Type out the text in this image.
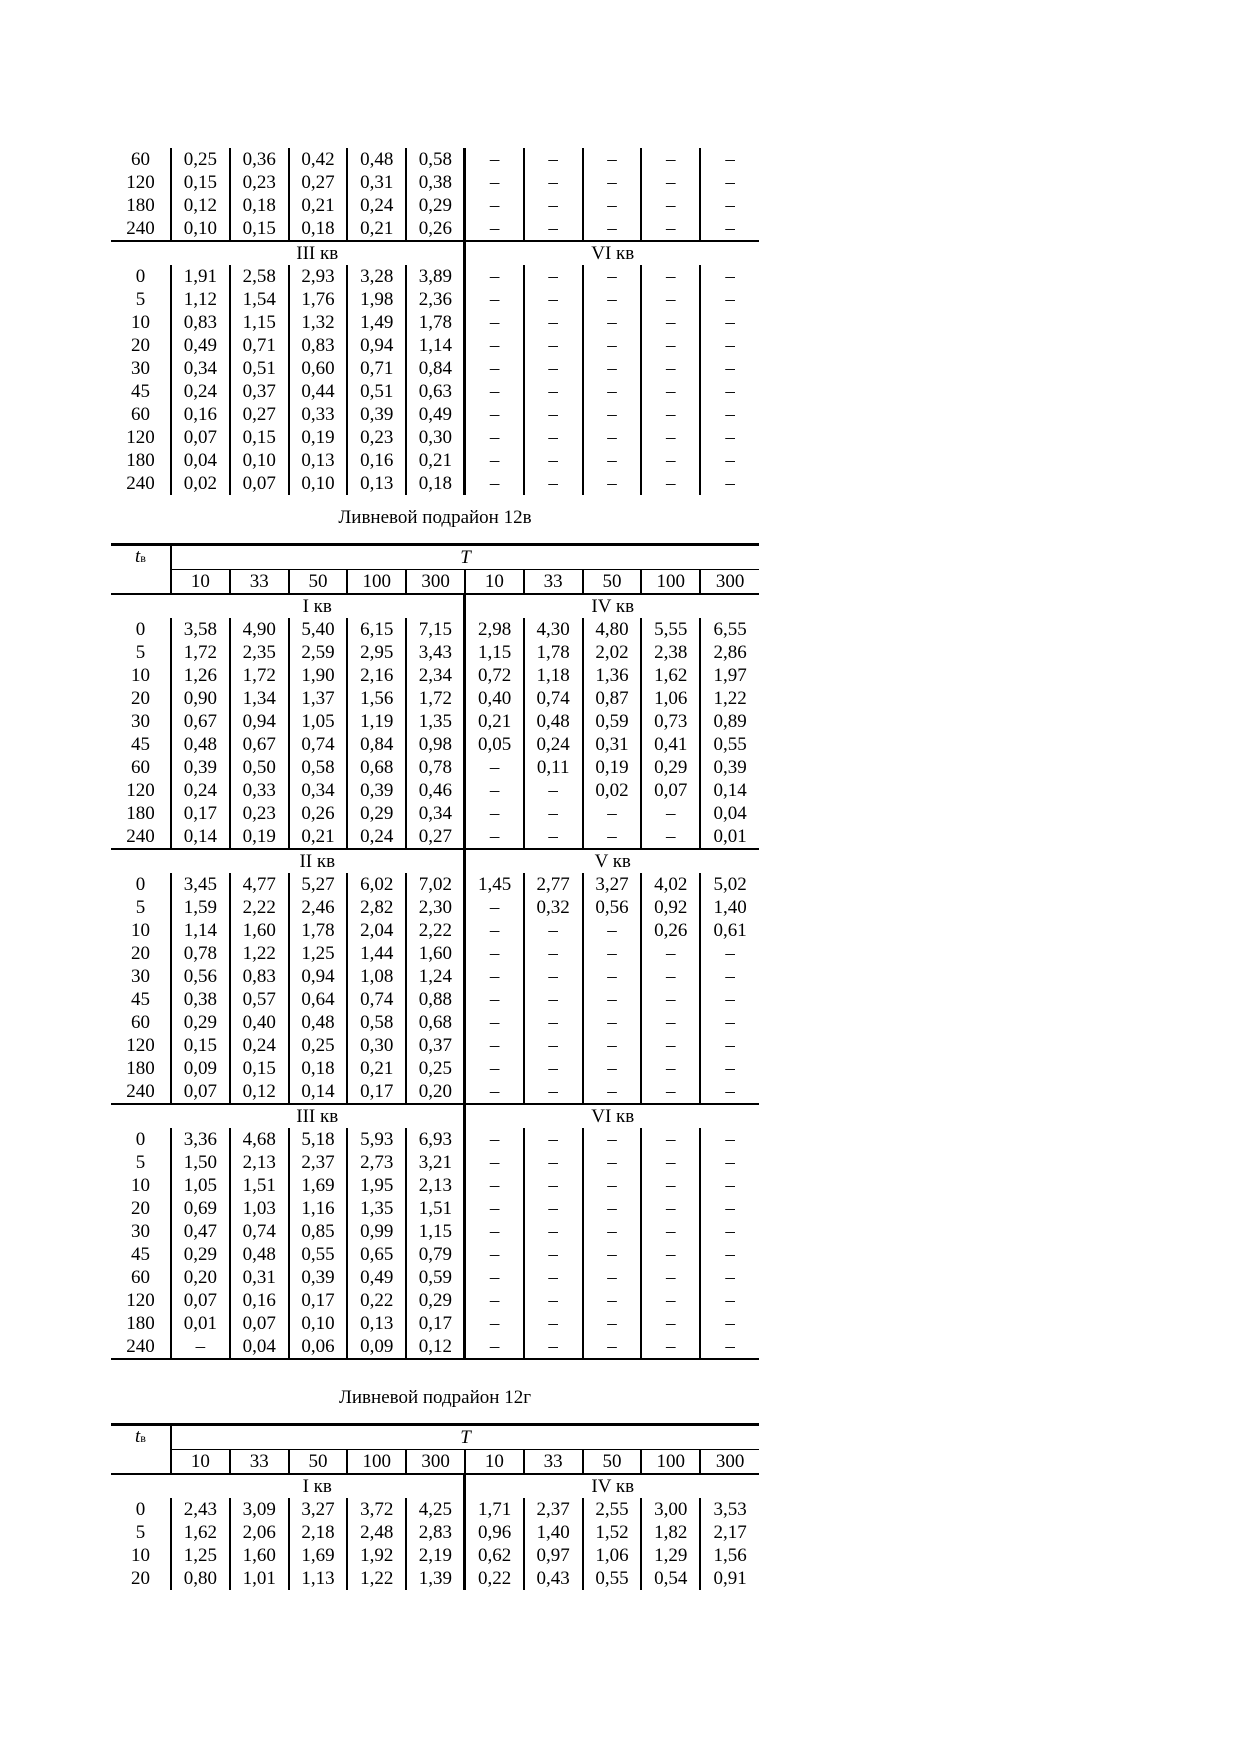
60	0,25	0,36	0,42	0,48	0,58	–	–	–	–	–
120	0,15	0,23	0,27	0,31	0,38	–	–	–	–	–
180	0,12	0,18	0,21	0,24	0,29	–	–	–	–	–
240	0,10	0,15	0,18	0,21	0,26	–	–	–	–	–
	III кв					VI кв				
0	1,91	2,58	2,93	3,28	3,89	–	–	–	–	–
5	1,12	1,54	1,76	1,98	2,36	–	–	–	–	–
10	0,83	1,15	1,32	1,49	1,78	–	–	–	–	–
20	0,49	0,71	0,83	0,94	1,14	–	–	–	–	–
30	0,34	0,51	0,60	0,71	0,84	–	–	–	–	–
45	0,24	0,37	0,44	0,51	0,63	–	–	–	–	–
60	0,16	0,27	0,33	0,39	0,49	–	–	–	–	–
120	0,07	0,15	0,19	0,23	0,30	–	–	–	–	–
180	0,04	0,10	0,13	0,16	0,21	–	–	–	–	–
240	0,02	0,07	0,10	0,13	0,18	–	–	–	–	–
Ливневой подрайон 12в
tв	T									
	10	33	50	100	300	10	33	50	100	300
	I кв					IV кв				
0	3,58	4,90	5,40	6,15	7,15	2,98	4,30	4,80	5,55	6,55
5	1,72	2,35	2,59	2,95	3,43	1,15	1,78	2,02	2,38	2,86
10	1,26	1,72	1,90	2,16	2,34	0,72	1,18	1,36	1,62	1,97
20	0,90	1,34	1,37	1,56	1,72	0,40	0,74	0,87	1,06	1,22
30	0,67	0,94	1,05	1,19	1,35	0,21	0,48	0,59	0,73	0,89
45	0,48	0,67	0,74	0,84	0,98	0,05	0,24	0,31	0,41	0,55
60	0,39	0,50	0,58	0,68	0,78	–	0,11	0,19	0,29	0,39
120	0,24	0,33	0,34	0,39	0,46	–	–	0,02	0,07	0,14
180	0,17	0,23	0,26	0,29	0,34	–	–	–	–	0,04
240	0,14	0,19	0,21	0,24	0,27	–	–	–	–	0,01
	II кв					V кв				
0	3,45	4,77	5,27	6,02	7,02	1,45	2,77	3,27	4,02	5,02
5	1,59	2,22	2,46	2,82	2,30	–	0,32	0,56	0,92	1,40
10	1,14	1,60	1,78	2,04	2,22	–	–	–	0,26	0,61
20	0,78	1,22	1,25	1,44	1,60	–	–	–	–	–
30	0,56	0,83	0,94	1,08	1,24	–	–	–	–	–
45	0,38	0,57	0,64	0,74	0,88	–	–	–	–	–
60	0,29	0,40	0,48	0,58	0,68	–	–	–	–	–
120	0,15	0,24	0,25	0,30	0,37	–	–	–	–	–
180	0,09	0,15	0,18	0,21	0,25	–	–	–	–	–
240	0,07	0,12	0,14	0,17	0,20	–	–	–	–	–
	III кв					VI кв				
0	3,36	4,68	5,18	5,93	6,93	–	–	–	–	–
5	1,50	2,13	2,37	2,73	3,21	–	–	–	–	–
10	1,05	1,51	1,69	1,95	2,13	–	–	–	–	–
20	0,69	1,03	1,16	1,35	1,51	–	–	–	–	–
30	0,47	0,74	0,85	0,99	1,15	–	–	–	–	–
45	0,29	0,48	0,55	0,65	0,79	–	–	–	–	–
60	0,20	0,31	0,39	0,49	0,59	–	–	–	–	–
120	0,07	0,16	0,17	0,22	0,29	–	–	–	–	–
180	0,01	0,07	0,10	0,13	0,17	–	–	–	–	–
240	–	0,04	0,06	0,09	0,12	–	–	–	–	–
Ливневой подрайон 12г
tв	T									
	10	33	50	100	300	10	33	50	100	300
	I кв					IV кв				
0	2,43	3,09	3,27	3,72	4,25	1,71	2,37	2,55	3,00	3,53
5	1,62	2,06	2,18	2,48	2,83	0,96	1,40	1,52	1,82	2,17
10	1,25	1,60	1,69	1,92	2,19	0,62	0,97	1,06	1,29	1,56
20	0,80	1,01	1,13	1,22	1,39	0,22	0,43	0,55	0,54	0,91
